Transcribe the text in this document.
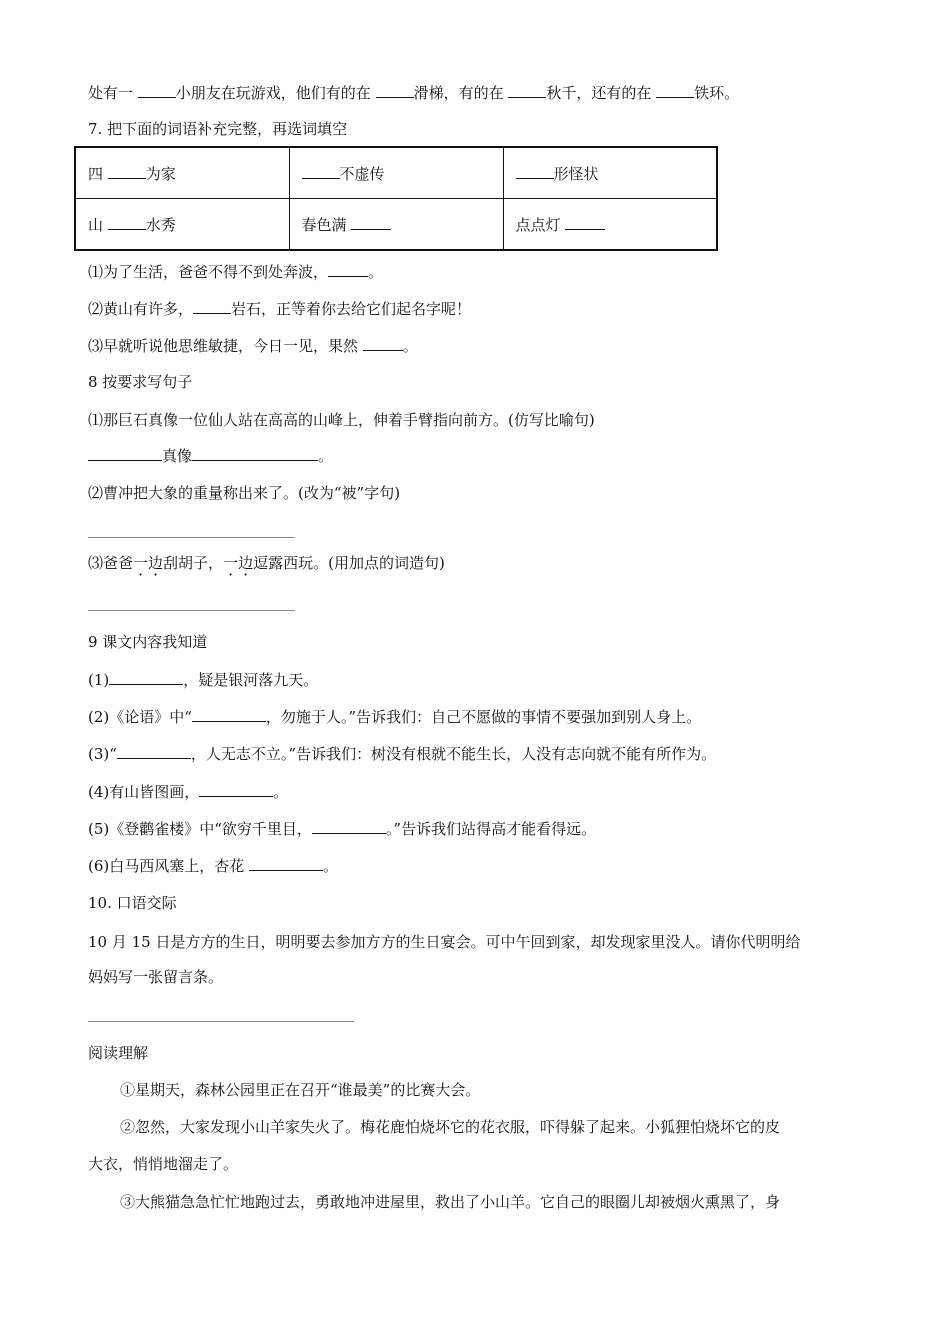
处有一	小朋友在玩游戏，他们有的在	滑梯，有的在	秋千，还有的在	铁环。
7. 把下面的词语补充完整，再选词填空
四 为家	不虚传	形怪状
山 水秀	春色满	点点灯
⑴为了生活，爸爸不得不到处奔波，	。
⑵黄山有许多，	岩石，正等着你去给它们起名字呢！
⑶早就听说他思维敏捷，今日一见，果然	。
8 按要求写句子
⑴那巨石真像一位仙人站在高高的山峰上，伸着手臂指向前方。(仿写比喻句)
真像	。
⑵曹冲把大象的重量称出来了。(改为“被”字句)
⑶爸爸一边刮胡子，一边逗露西玩。(用加点的词造句)
9 课文内容我知道
(1)	，疑是银河落九天。
(2)《论语》中“	，勿施于人。”告诉我们：自己不愿做的事情不要强加到别人身上。
(3)“	，人无志不立。”告诉我们：树没有根就不能生长，人没有志向就不能有所作为。
(4)有山皆图画，	。
(5)《登鹳雀楼》中“欲穷千里目，	。”告诉我们站得高才能看得远。
(6)白马西风塞上，杏花	。
10. 口语交际
10 月 15 日是方方的生日，明明要去参加方方的生日宴会。可中午回到家，却发现家里没人。请你代明明给
妈妈写一张留言条。
阅读理解
①星期天，森林公园里正在召开“谁最美”的比赛大会。
②忽然，大家发现小山羊家失火了。梅花鹿怕烧坏它的花衣服，吓得躲了起来。小狐狸怕烧坏它的皮
大衣，悄悄地溜走了。
③大熊猫急急忙忙地跑过去，勇敢地冲进屋里，救出了小山羊。它自己的眼圈儿却被烟火熏黑了，身
